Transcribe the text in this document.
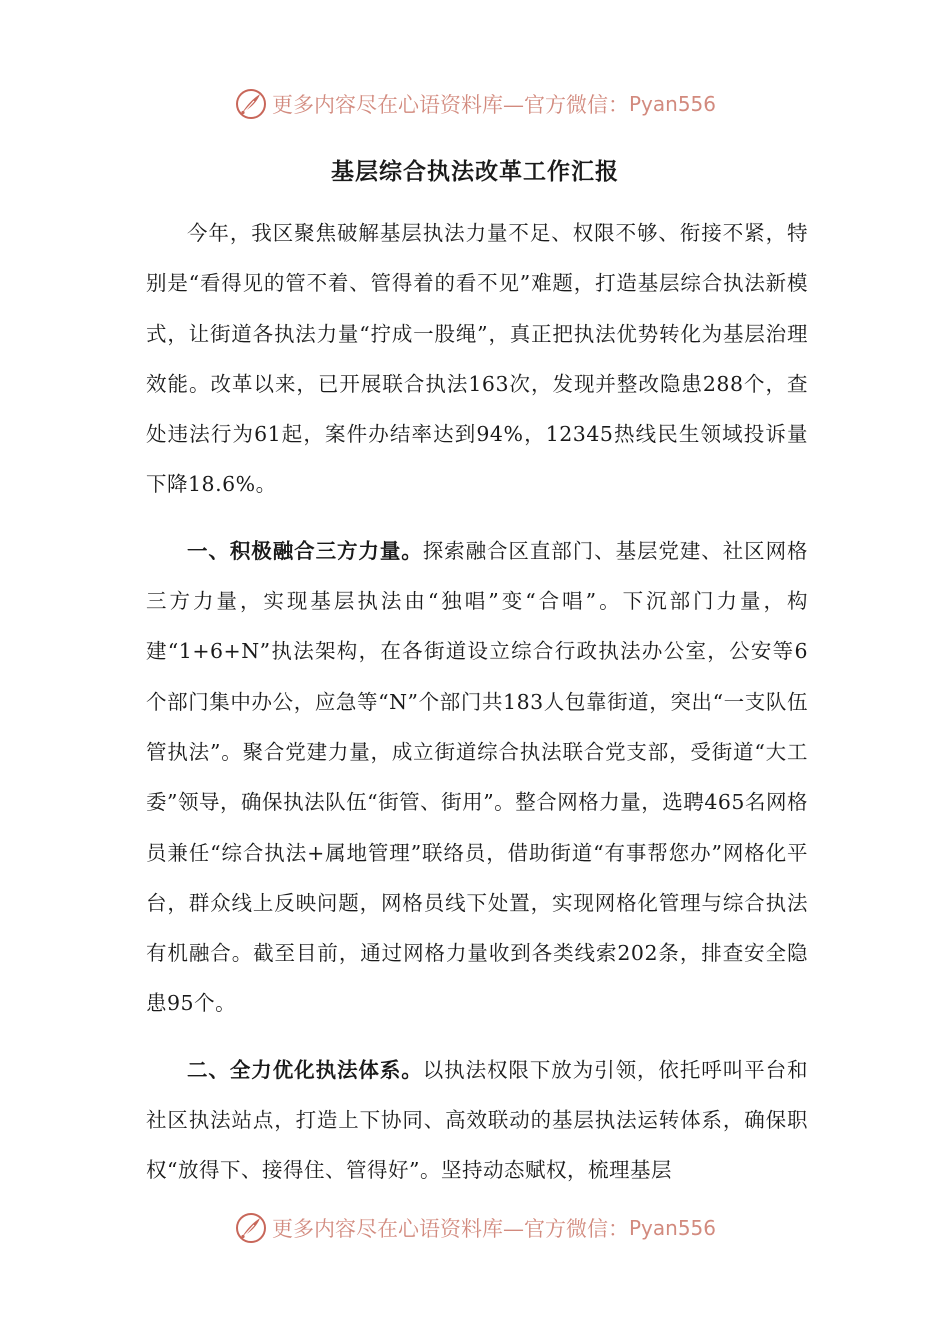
更多内容尽在心语资料库—官方微信： Pyan556
基层综合执法改革工作汇报

今年，我区聚焦破解基层执法力量不足、权限不够、衔接不紧，特别是“看得见的管不着、管得着的看不见”难题，打造基层综合执法新模式，让街道各执法力量“拧成一股绳”，真正把执法优势转化为基层治理效能。改革以来，已开展联合执法163次，发现并整改隐患288个，查处违法行为61起，案件办结率达到94%，12345热线民生领域投诉量下降18.6%。

一、积极融合三方力量。探索融合区直部门、基层党建、社区网格三方力量，实现基层执法由“独唱”变“合唱”。下沉部门力量，构建“1+6+N”执法架构，在各街道设立综合行政执法办公室，公安等6个部门集中办公，应急等“N”个部门共183人包靠街道，突出“一支队伍管执法”。聚合党建力量，成立街道综合执法联合党支部，受街道“大工委”领导，确保执法队伍“街管、街用”。整合网格力量，选聘465名网格员兼任“综合执法+属地管理”联络员，借助街道“有事帮您办”网格化平台，群众线上反映问题，网格员线下处置，实现网格化管理与综合执法有机融合。截至目前，通过网格力量收到各类线索202条，排查安全隐患95个。

二、全力优化执法体系。以执法权限下放为引领，依托呼叫平台和社区执法站点，打造上下协同、高效联动的基层执法运转体系，确保职权“放得下、接得住、管得好”。坚持动态赋权，梳理基层

更多内容尽在心语资料库—官方微信： Pyan556
